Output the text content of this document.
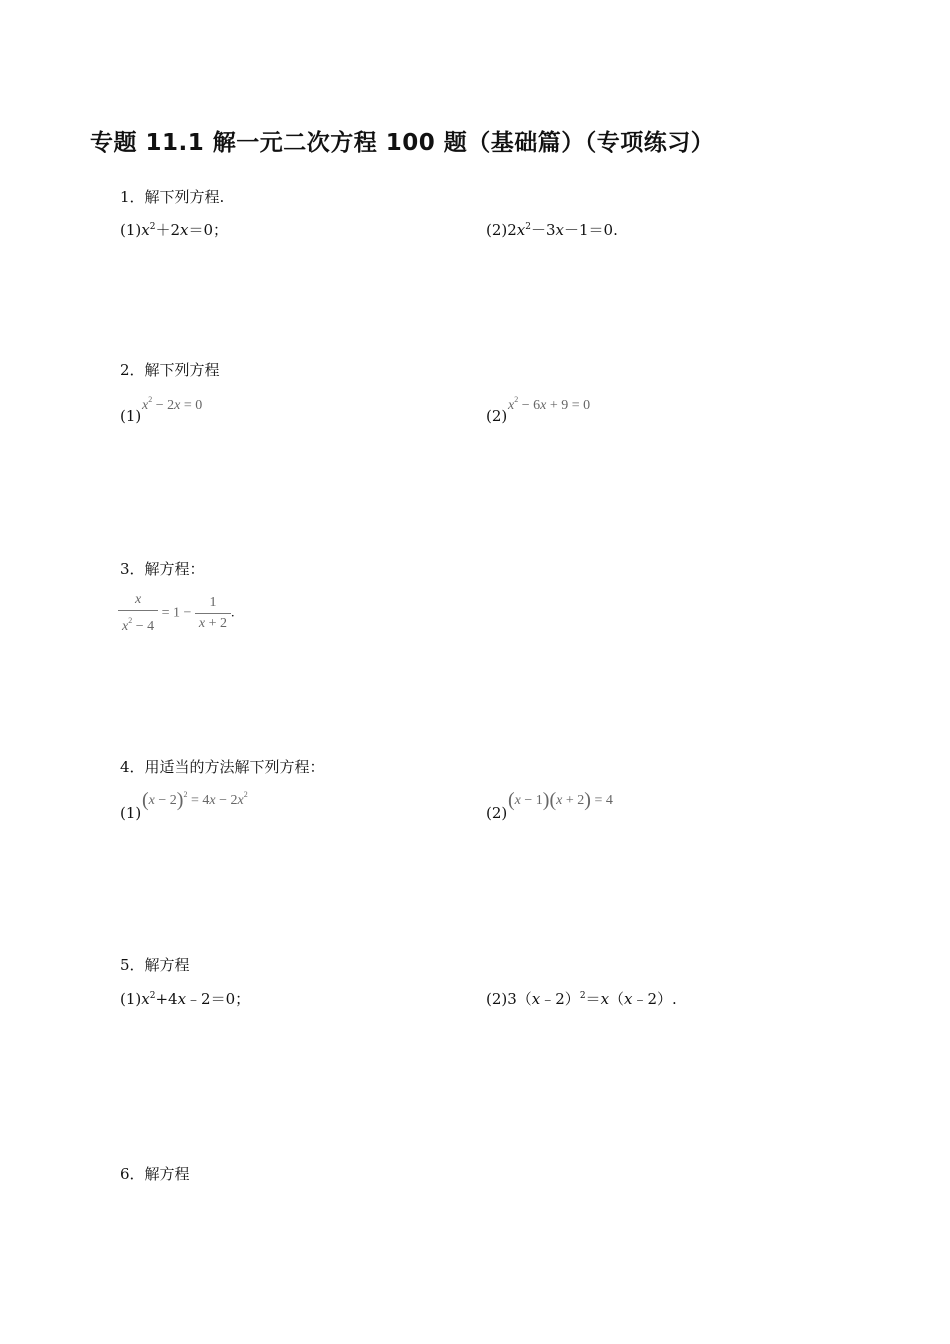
专题 11.1 解一元二次方程 100 题（基础篇）（专项练习）
1．解下列方程.
$(1)x^2+2x=0$；	$(2)2x^2-3x-1=0$.
2．解下列方程
(1)
$x^2 - 2x = 0$
(2)
$x^2 - 6x + 9 = 0$
3．解方程：
$\frac{x}{x^2 - 4} = 1 - \frac{1}{x + 2}$ .
4．用适当的方法解下列方程：
(1)
$(x - 2)^2 = 4x - 2x^2$
(2)
(x − 1)(x + 2) = 4
5．解方程
$(1)x^2+4x﹣2=0$；	(2)3（x﹣2）$^2$＝x（x﹣2）.
6．解方程
